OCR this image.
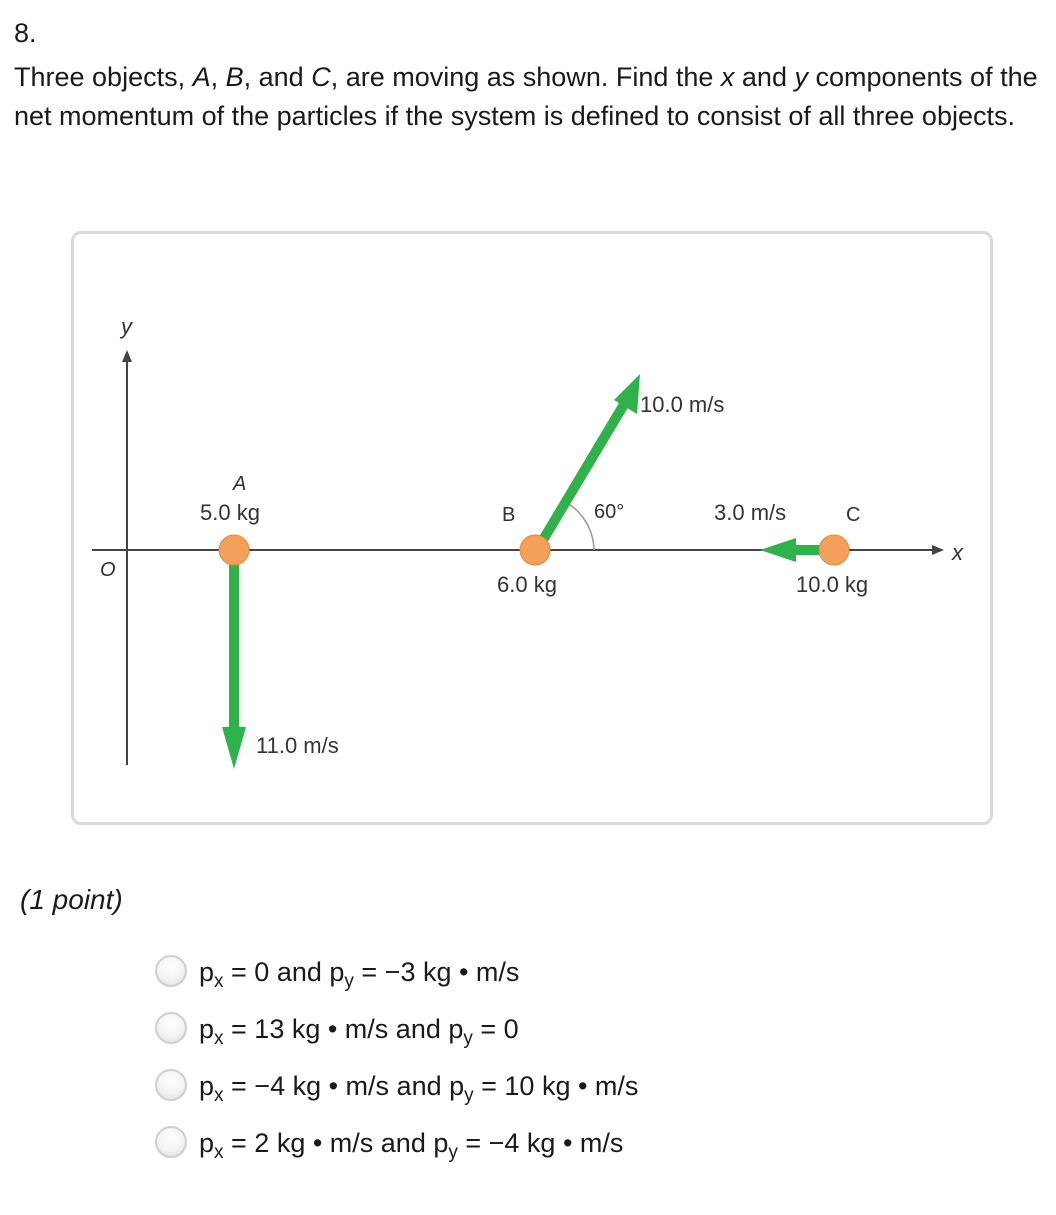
8.
Three objects, A, B, and C, are moving as shown. Find the x and y components of the net momentum of the particles if the system is defined to consist of all three objects.
y
x
O
A
5.0 kg
11.0 m/s
B	60°
10.0 m/s
6.0 kg
3.0 m/s	C
10.0 kg
(1 point)
$p_x = 0$ and $p_y = -3$ kg • m/s
$p_x = 13$ kg • m/s and $p_y = 0$
$p_x = -4$ kg • m/s and $p_y = 10$ kg • m/s
$p_x = 2$ kg • m/s and $p_y = -4$ kg • m/s
